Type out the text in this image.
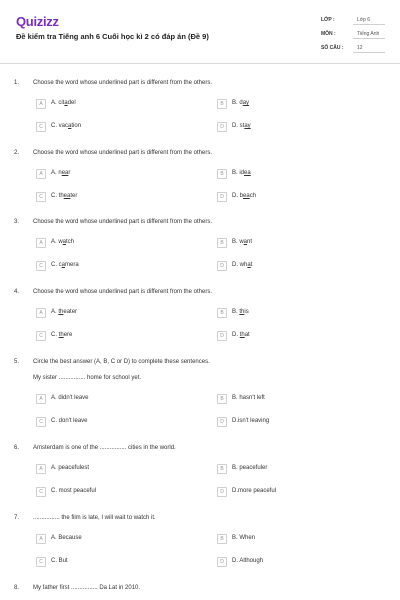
Quizizz
Đề kiểm tra Tiếng anh 6 Cuối học kì 2 có đáp án (Đề 9)
LỚP :	Lớp 6
MÔN :	Tiếng Anh
SỐ CÂU :	12
1. Choose the word whose underlined part is different from the others.
A	A. citadel	B	B. day
C	C. vacation	D	D. stay
2. Choose the word whose underlined part is different from the others.
A	A. near	B	B. idea
C	C. theater	D	D. beach
3. Choose the word whose underlined part is different from the others.
A	A. watch	B	B. want
C	C. camera	D	D. what
4. Choose the word whose underlined part is different from the others.
A	A. theater	B	B. this
C	C. there	D	D. that
5. Circle the best answer (A, B, C or D) to complete these sentences.
My sister ................ home for school yet.
A	A. didn't leave	B	B. hasn't left
C	C. don't leave	D	D.isn't leaving
6. Amsterdam is one of the ................ cities in the world.
A	A. peacefulest	B	B. peacefuler
C	C. most peaceful	D	D.more peaceful
7. ................ the film is late, I will wait to watch it.
A	A. Because	B	B. When
C	C. But	D	D. Although
8. My father first ................ Da Lat in 2010.
